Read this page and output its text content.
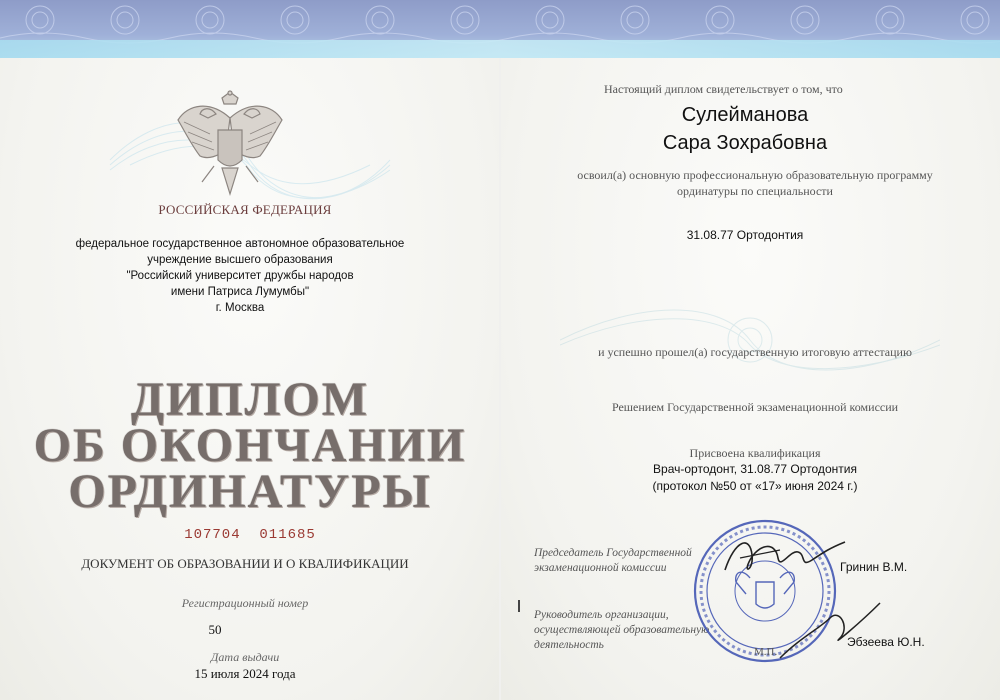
РОССИЙСКАЯ ФЕДЕРАЦИЯ
федеральное государственное автономное образовательное
учреждение высшего образования
"Российский университет дружбы народов
имени Патриса Лумумбы"
г. Москва
ДИПЛОМ
ОБ ОКОНЧАНИИ
ОРДИНАТУРЫ
107704  011685
ДОКУМЕНТ ОБ ОБРАЗОВАНИИ И О КВАЛИФИКАЦИИ
Регистрационный номер
50
Дата выдачи
15 июля 2024 года
Настоящий диплом свидетельствует о том, что
Сулейманова
Сара Зохрабовна
освоил(а) основную профессиональную образовательную программу
ординатуры по специальности
31.08.77 Ортодонтия
и успешно прошел(а) государственную итоговую аттестацию
Решением Государственной экзаменационной комиссии
Присвоена квалификация
Врач-ортодонт, 31.08.77 Ортодонтия
(протокол №50 от «17» июня 2024 г.)
Председатель Государственной
экзаменационной комиссии	Гринин В.М.
Руководитель организации,
осуществляющей образовательную
деятельность	Эбзеева Ю.Н.
М.П.
